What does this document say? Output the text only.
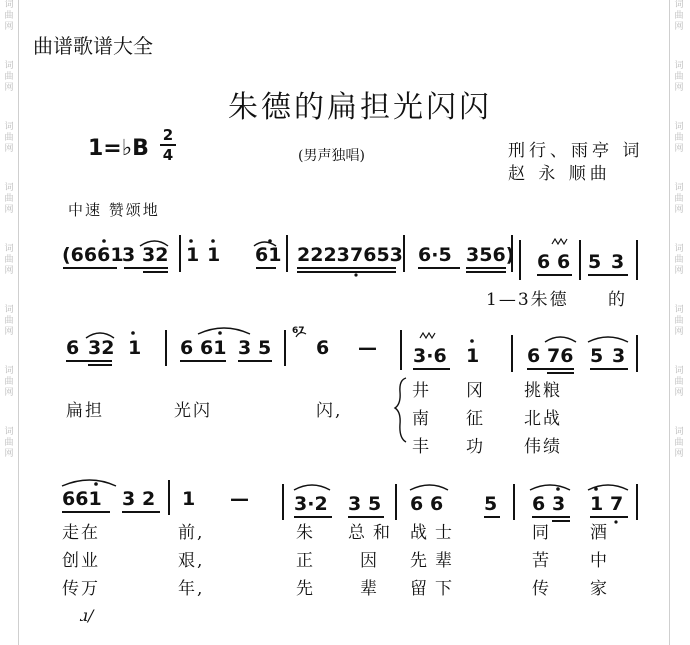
词
曲
网
词
曲
网
词
曲
网
词
曲
网
词
曲
网
词
曲
网
词
曲
网
词
曲
网
词
曲
网
词
曲
网
词
曲
网
词
曲
网
词
曲
网
词
曲
网
词
曲
网
词
曲
网
曲谱歌谱大全
朱德的扁担光闪闪
1=♭B
2
4	(男声独唱)	刑行、雨亭 词
赵 永 顺曲
中速 赞颂地
(6661
3 32 1 1 61 2223 7653 6·5 356) 6 6 5 3
1—3朱德 的
6 32 1 6 61 3 5
67
6 — 3·6 1	6 76 5 3
扁担	光闪	闪,
井 冈 挑粮
南 征 北战
丰 功 伟绩
661 3 2 1 — 3·2 3 5 6 6 5 6 3 1 7
走在	前,	朱 总和 战士	同 酒
创业	艰,	正	因 先辈	苦 中
传万	年,	先	辈 留下	传 家
ɹ/
